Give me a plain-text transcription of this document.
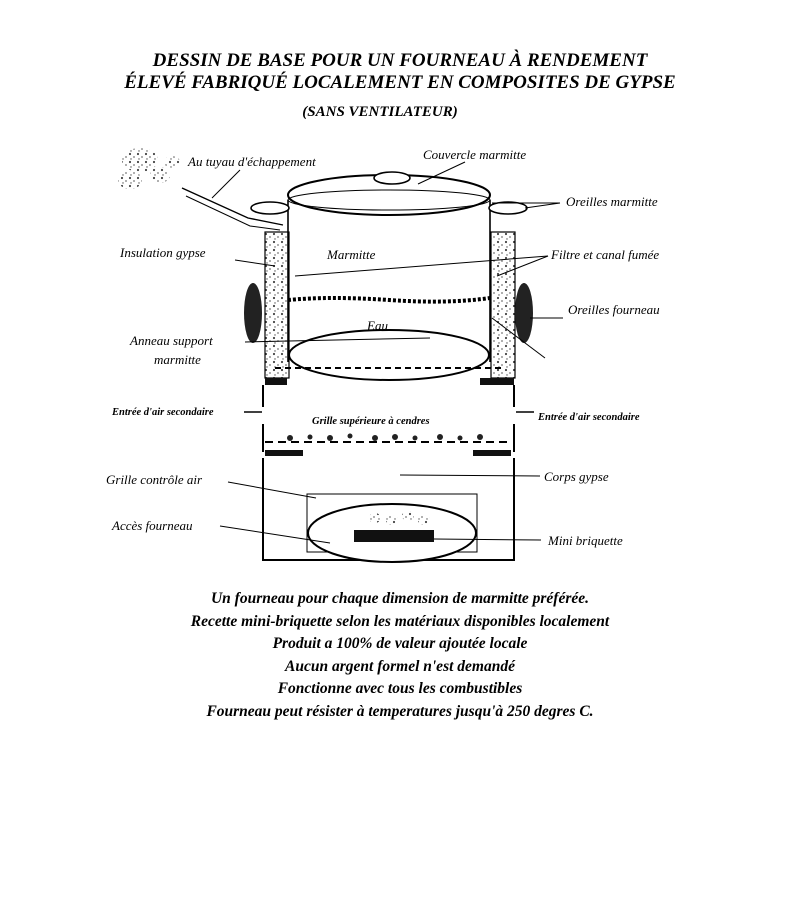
DESSIN DE BASE POUR UN FOURNEAU À RENDEMENT
ÉLEVÉ FABRIQUÉ LOCALEMENT EN COMPOSITES DE GYPSE
(SANS VENTILATEUR)
Au tuyau d'échappement	Couvercle marmitte
Oreilles marmitte
Insulation gypse	Marmitte	Filtre et canal fumée
Oreilles fourneau
Eau
Anneau support
marmitte
Entrée d'air secondaire	Entrée d'air secondaire
Grille supérieure à cendres
Grille contrôle air	Corps gypse
Accès fourneau
Mini briquette
Un fourneau pour chaque dimension de marmitte préférée.
Recette mini-briquette selon les matériaux disponibles localement
Produit a 100% de valeur ajoutée locale
Aucun argent formel n'est demandé
Fonctionne avec tous les combustibles
Fourneau peut résister à temperatures jusqu'à 250 degres C.
